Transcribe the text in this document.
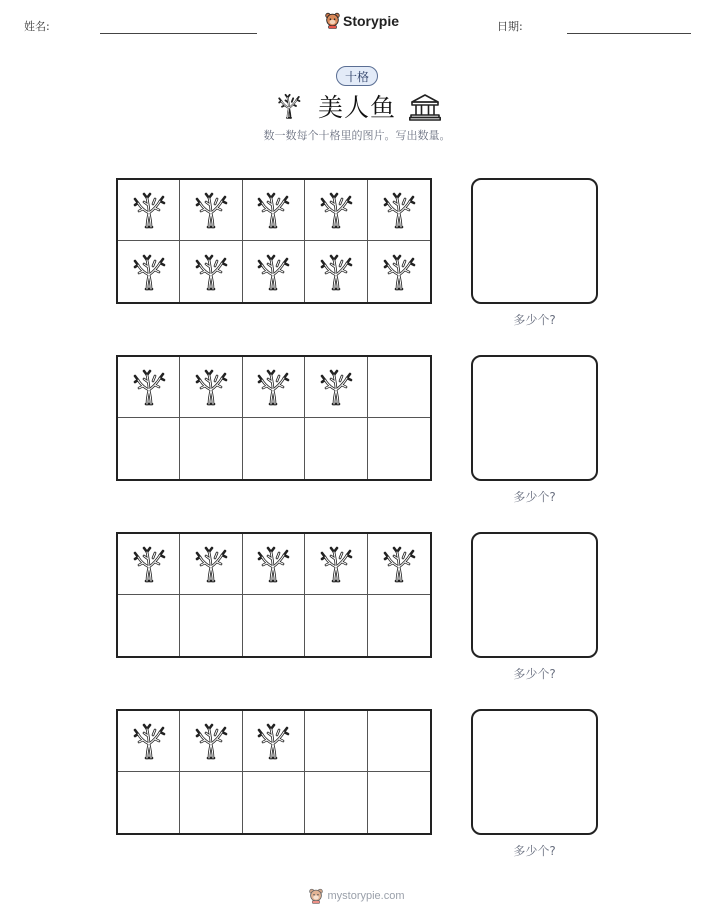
姓名:	Storypie	日期:
十格
美人鱼
数一数每个十格里的图片。写出数量。
多少个?
多少个?
多少个?
多少个?
mystorypie.com
